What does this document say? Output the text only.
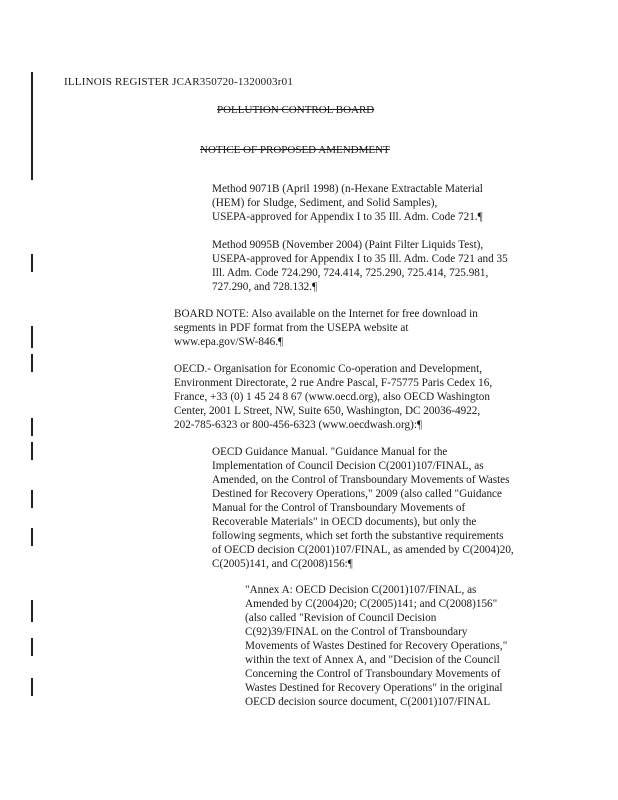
ILLINOIS REGISTER JCAR350720-1320003r01
POLLUTION CONTROL BOARD
NOTICE OF PROPOSED AMENDMENT
Method 9071B (April 1998) (n-Hexane Extractable Material
(HEM) for Sludge, Sediment, and Solid Samples),
USEPA-approved for Appendix I to 35 Ill. Adm. Code 721.¶
Method 9095B (November 2004) (Paint Filter Liquids Test),
USEPA-approved for Appendix I to 35 Ill. Adm. Code 721 and 35
Ill. Adm. Code 724.290, 724.414, 725.290, 725.414, 725.981,
727.290, and 728.132.¶
BOARD NOTE: Also available on the Internet for free download in
segments in PDF format from the USEPA website at
www.epa.gov/SW-846.¶
OECD.- Organisation for Economic Co-operation and Development,
Environment Directorate, 2 rue Andre Pascal, F-75775 Paris Cedex 16,
France, +33 (0) 1 45 24 8 67 (www.oecd.org), also OECD Washington
Center, 2001 L Street, NW, Suite 650, Washington, DC 20036-4922,
202-785-6323 or 800-456-6323 (www.oecdwash.org):¶
OECD Guidance Manual. "Guidance Manual for the
Implementation of Council Decision C(2001)107/FINAL, as
Amended, on the Control of Transboundary Movements of Wastes
Destined for Recovery Operations," 2009 (also called "Guidance
Manual for the Control of Transboundary Movements of
Recoverable Materials" in OECD documents), but only the
following segments, which set forth the substantive requirements
of OECD decision C(2001)107/FINAL, as amended by C(2004)20,
C(2005)141, and C(2008)156:¶
"Annex A: OECD Decision C(2001)107/FINAL, as
Amended by C(2004)20; C(2005)141; and C(2008)156"
(also called "Revision of Council Decision
C(92)39/FINAL on the Control of Transboundary
Movements of Wastes Destined for Recovery Operations,"
within the text of Annex A, and "Decision of the Council
Concerning the Control of Transboundary Movements of
Wastes Destined for Recovery Operations" in the original
OECD decision source document, C(2001)107/FINAL
